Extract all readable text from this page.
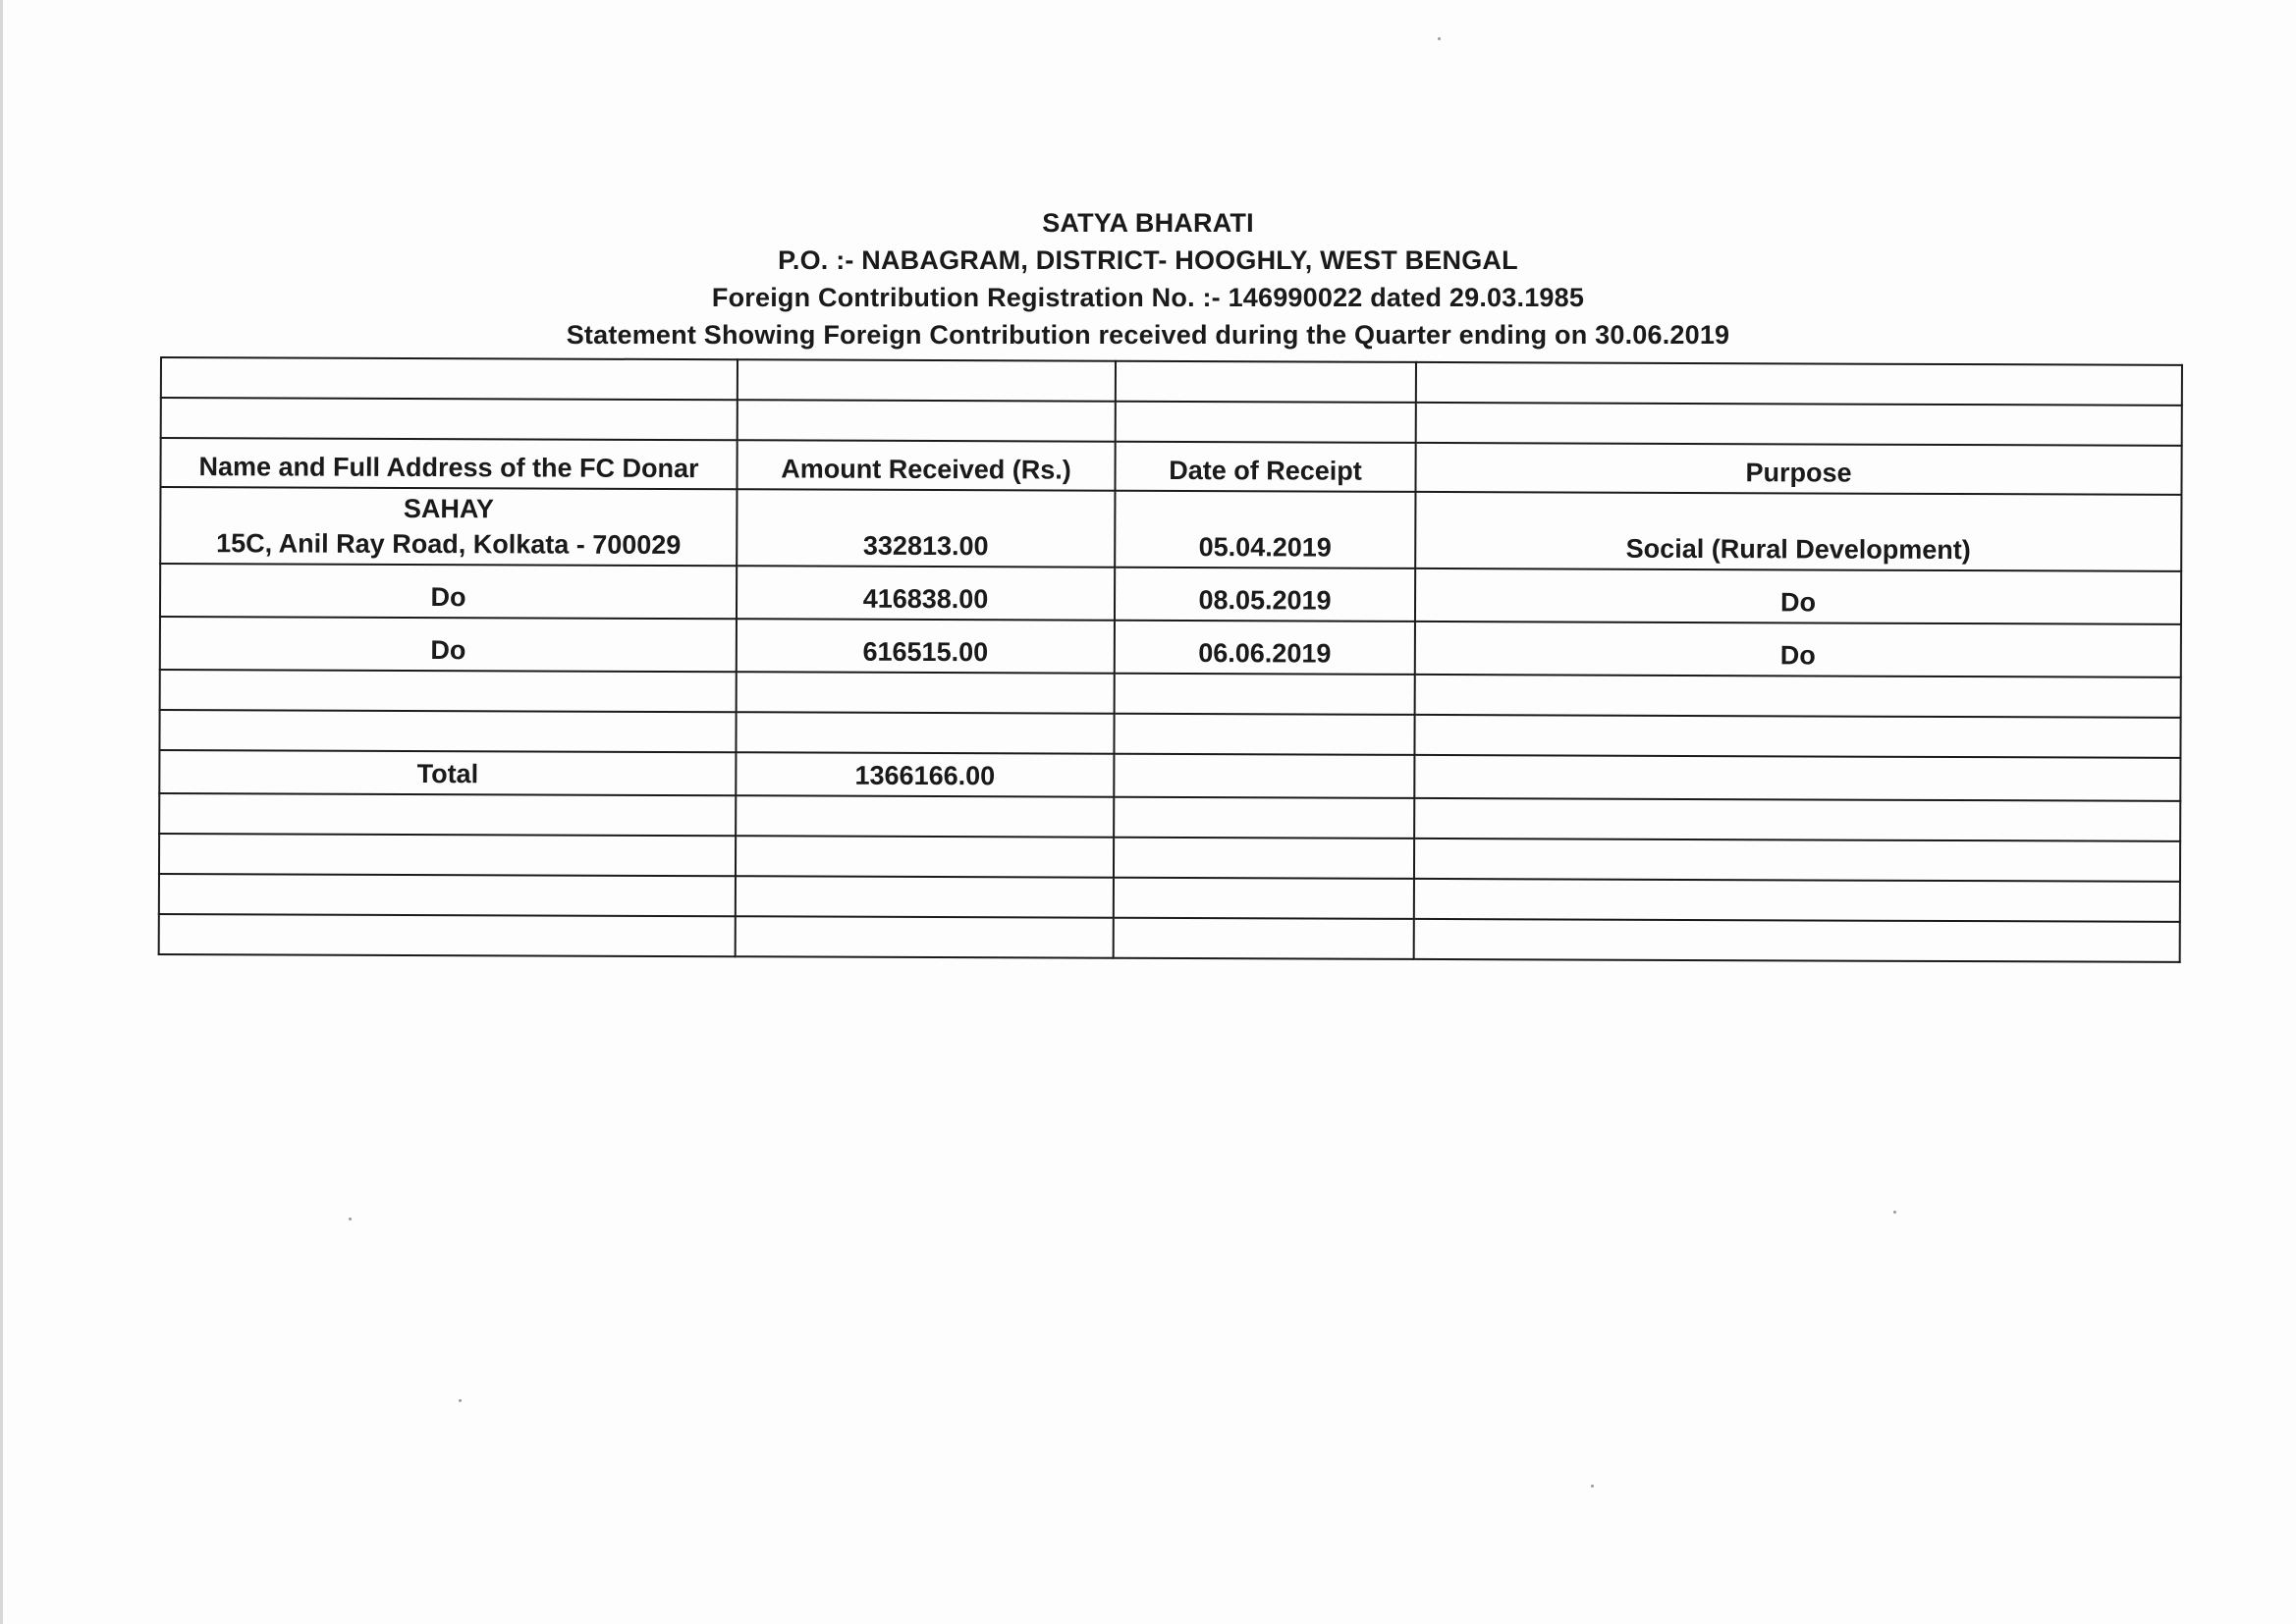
SATYA BHARATI
P.O. :- NABAGRAM, DISTRICT- HOOGHLY, WEST BENGAL
Foreign Contribution Registration No. :- 146990022 dated 29.03.1985
Statement Showing Foreign Contribution received during the Quarter ending on 30.06.2019

Name and Full Address of the FC Donar	Amount Received (Rs.)	Date of Receipt	Purpose

SAHAY
15C, Anil Ray Road, Kolkata - 700029	332813.00	05.04.2019	Social (Rural Development)
Do	416838.00	08.05.2019	Do
Do	616515.00	06.06.2019	Do

Total	1366166.00		
